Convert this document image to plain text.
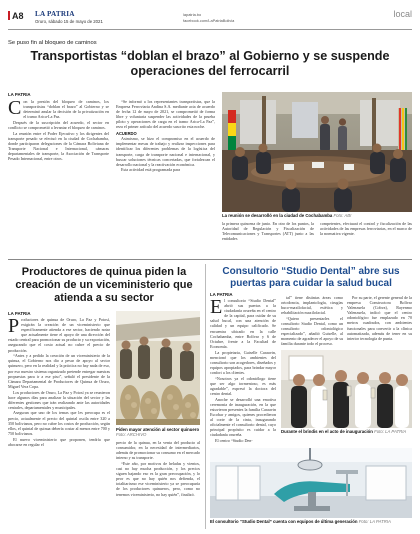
A8 LA PATRIA
Oruro, sábado 15 de mayo de 2021
lapatria.bo
facebook.com/LaPatriaBolivia
local
Se puso fin al bloqueo de caminos
Transportistas “doblan el brazo” al Gobierno y se suspende operaciones del ferrocarril
LA PATRIA
C on la presión del bloqueo de caminos, los transportistas “doblan el brazo” al Gobierno y se determinó anular la decisión de la privatización en el tramo Arica-La Paz.

Después de la suscripción del acuerdo, el sector en conflicto se comprometió a levantar el bloqueo de caminos.

La reunión entre el Poder Ejecutivo y los dirigentes del transporte pesado se efectuó en la ciudad de Cochabamba, donde participaron delegaciones de la Cámara Boliviana de Transporte Nacional e Internacional, cámaras departamentales de transporte, la Asociación de Transporte Pesado Internacional, entre otros.

“Se informó a los representantes transportistas, que la Empresa Ferroviaria Andina S.A. mediante acta de acuerdo de fecha 12 de mayo de 2021, se comprometió de forma libre y voluntaria suspender las actividades de la prueba piloto y operaciones de carga en el tramo Arica-La Paz”, reza el primer artículo del acuerdo suscrito esta noche.

ACUERDO

Asimismo, se hizo el compromiso en el acuerdo de implementar mesas de trabajo y realizar inspecciones para identificar los diferentes problemas de la logística del transporte, carga de transporte nacional e internacional, y buscar soluciones técnicas concertadas, que fortalezcan el desarrollo nacional y la reactivación económica.

Esta actividad está programada para

La reunión se desarrolló en la ciudad de Cochabamba Foto: ABI

la primera quincena de junio. En otro de los puntos, la Autoridad de Regulación y Fiscalización de Telecomunicaciones y Transportes (ATT) junto a las entidades

competentes, efectuará el control y fiscalización de las actividades de las empresas ferroviarias, en el marco de la normativa vigente.

Productores de quinua piden la creación de un viceministerio que atienda a su sector
LA PATRIA
P roductores de quinua de Oruro, La Paz y Potosí, exigirán la creación de un viceministerio que específicamente atienda a ese sector, haciendo notar que actualmente tiene el apoyo de una dirección del estado central para promocionar su producto y su exportación, asegurando que el costo actual no cubre el precio de producción.

“Antes y a pedido la creación de un viceministerio de la quinua, el Gobierno nos dio a pesar de apoyo al sector quinuero, pero en la realidad y la práctica no hay nada de eso, por eso nuestro sistema organizado pretende entregar nuestras propuestas para ir a ese piso”, señaló el presidente de la Cámara Departamental de Productores de Quinua de Oruro, Miguel Vera Copa.

Los productores de Oruro, La Paz y Potosí ya se reunieron hace algunos días para analizar la situación del sector y las diferentes gestiones que irán realizando ante las autoridades centrales, departamentales y municipales.

Aseguran que uno de los temas que les preocupa es el precio, actualmente el precio del quintal oscila entre 320 a 350 bolivianos, pero no cubre los costos de producción, según ellos, el quintal de quinua debería costar al menos entre 700 y 750 bolivianos.

El nuevo viceministerio que proponen, tendría que abocarse en regular el

Piden mayor atención al sector quinuero Foto: ARCHIVO

precio de la quinua, en la venta del producto al consumidor, en la necesidad de intermediarios, además de promocionar su consumo en el mercado interno y su transporte.

“Este año, por motivos de heladas y vientos, casi no hay mucha producción, y los precios siguen bajando eso es la gran preocupación, y lo peor es que no hay quién nos defienda, el totalitarismo ese viceministerio ya se preocuparía de los productores quinueros, pero, como no tenemos viceministerio, no hay quién”, finalizó.

Consultorio “Studio Dental” abre sus puertas para cuidar la salud bucal
LA PATRIA
E l consultorio “Studio Dental” abrió sus puertas a la ciudadanía orureña en el centro de la capital, para cuidar de su salud bucal, con una atención de calidad y un equipo calificado. Se encuentra ubicado en la calle Cochabamba, entre Bolívar y 6 de Octubre, frente a la Facultad de Economía.

La propietaria, Guiselle Caraavin, mencionó que los ambientes del consultorio son acogedores, diseñados y equipos apropiados, para brindar mayor confort a los clientes.

“Nosotros ya el odontólogo tiene que ser algo tormentoso, es más agradable”, expresó la doctora del centro dental.

Anoche se desarrolló una emotiva ceremonia de inauguración, en la que estuvieron presentes la familia Caraavin Escobar y amigos, quienes procedieron al corte de la cinta, inaugurando oficialmente el consultorio dental, cuyo principal propósito es cuidar a la ciudadanía orureña.

El centro “Studio Den-

tal” tiene distintas áreas como ortodoncia, implantología, cirugías buco-maxilofacial, estética y rehabilitación maxilofacial.

“Quiero presentarles el consultorio Studio Dental, como un consultorio odontológico especializado”, añadió Guiselle, al momento de agradecer el apoyo de su familia durante todo el proceso.

Por su parte, el gerente general de la empresa Constructora Bolívar Valenzuela (Cobva), Rayenmo Valenzuela, indicó que el centro odontológico fue emplazado en 70 metros cuadrados, con ambientes funcionales para convertir a la clínica automatizada, además de tener en su interior tecnología de punta.

Durante el brindis en el acto de inauguración Foto: LA PATRIA
El consultorio “Studio Dental” cuenta con equipos de última generación Foto: LA PATRIA
